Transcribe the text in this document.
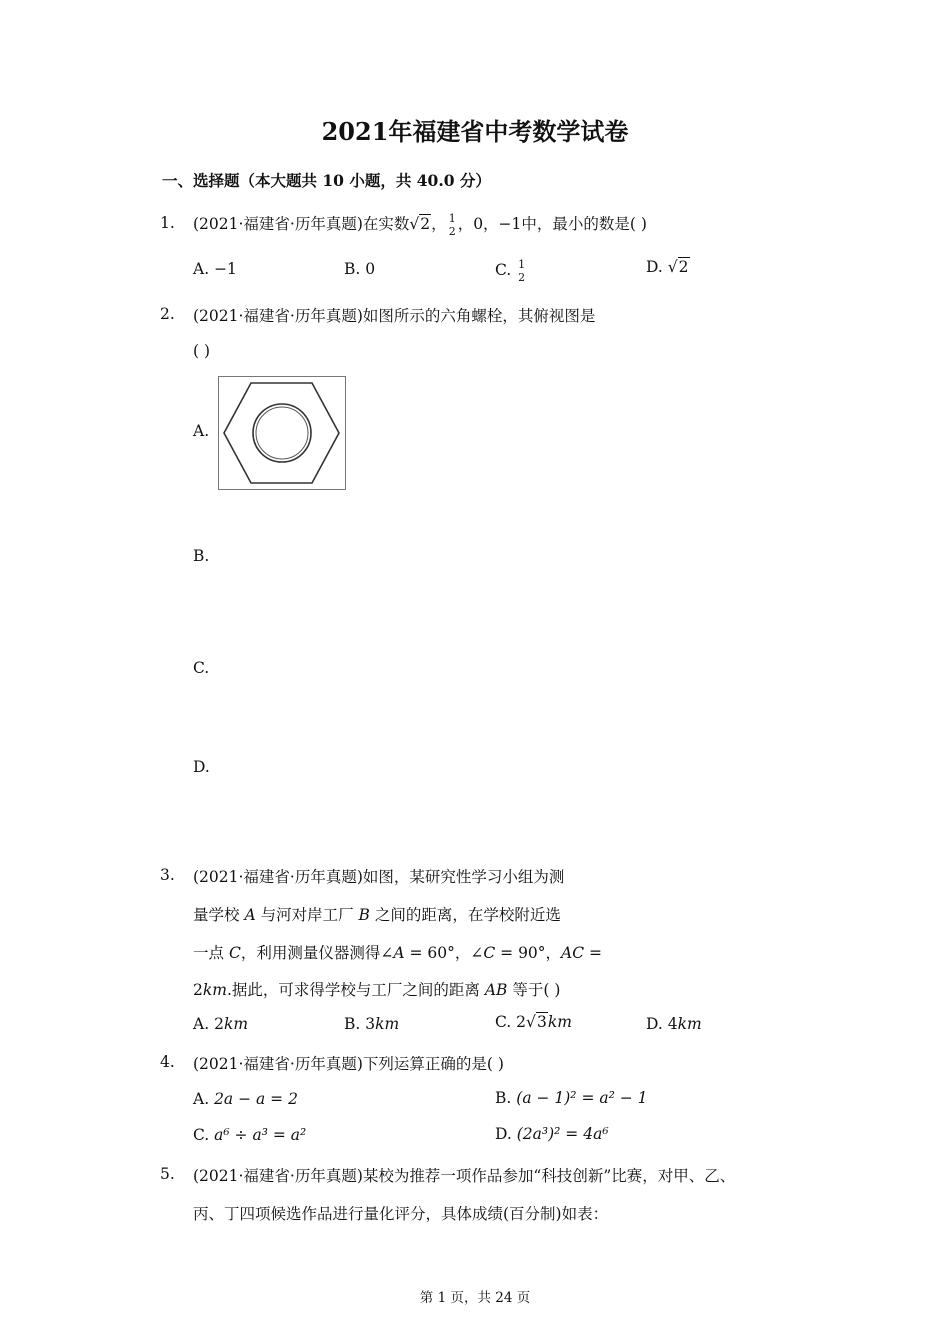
2021年福建省中考数学试卷
一、选择题（本大题共 10 小题，共 40.0 分）
1. (2021·福建省·历年真题)在实数√2， 1
2 ，0，−1中，最小的数是( )
A. −1	B. 0	C. 1
2
D. √2
2. (2021·福建省·历年真题)如图所示的六角螺栓，其俯视图是
( )
A.
B.
C.
D.
3. (2021·福建省·历年真题)如图，某研究性学习小组为测
量学校 A 与河对岸工厂 B 之间的距离，在学校附近选
一点 C，利用测量仪器测得∠A = 60°，∠C = 90°，AC =
2km.据此，可求得学校与工厂之间的距离 AB 等于( )
A. 2km	B. 3km	C. 2√3km	D. 4km
4. (2021·福建省·历年真题)下列运算正确的是( )
A. 2a − a = 2	B. (a − 1)² = a² − 1
C. a⁶ ÷ a³ = a²	D. (2a³)² = 4a⁶
5. (2021·福建省·历年真题)某校为推荐一项作品参加“科技创新”比赛，对甲、乙、
丙、丁四项候选作品进行量化评分，具体成绩(百分制)如表：
第 1 页，共 24 页
